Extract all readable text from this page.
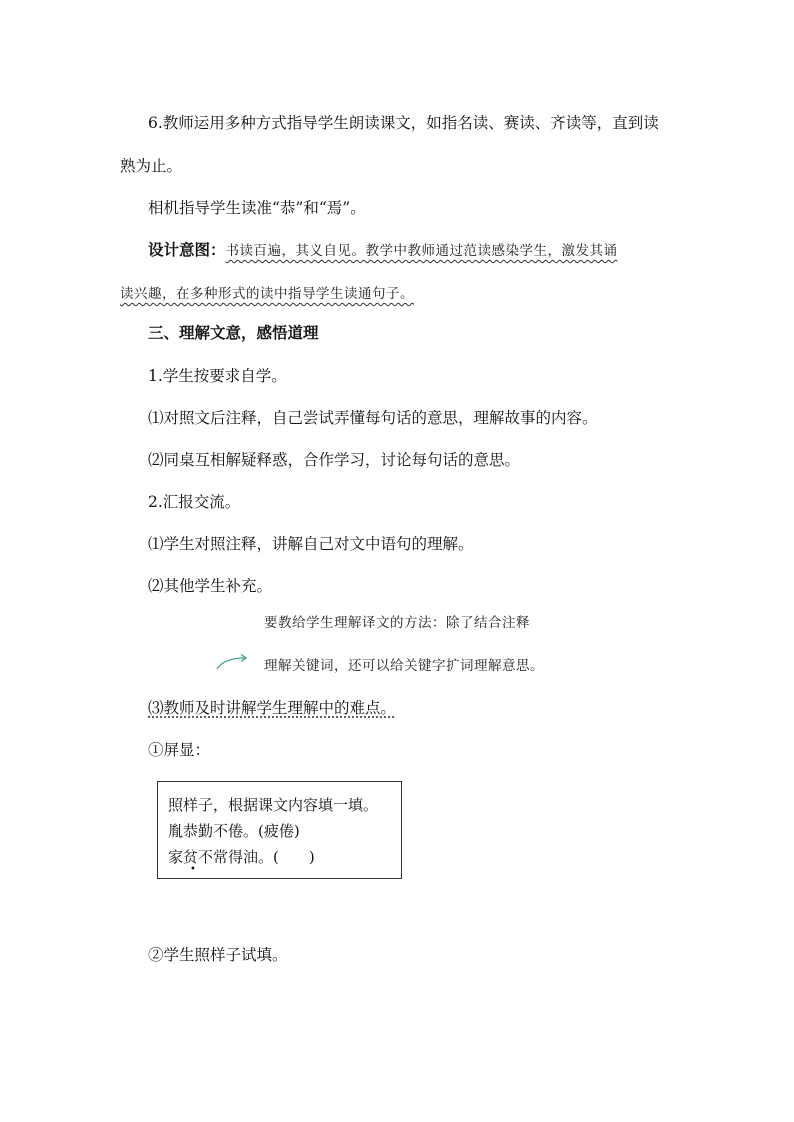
6.教师运用多种方式指导学生朗读课文，如指名读、赛读、齐读等，直到读

熟为止。

相机指导学生读准“恭”和“焉”。

设计意图：书读百遍，其义自见。教学中教师通过范读感染学生，激发其诵

读兴趣，在多种形式的读中指导学生读通句子。

三、理解文意，感悟道理

1.学生按要求自学。

⑴对照文后注释，自己尝试弄懂每句话的意思，理解故事的内容。

⑵同桌互相解疑释惑，合作学习，讨论每句话的意思。

2.汇报交流。

⑴学生对照注释，讲解自己对文中语句的理解。

⑵其他学生补充。

要教给学生理解译文的方法：除了结合注释

理解关键词，还可以给关键字扩词理解意思。

⑶教师及时讲解学生理解中的难点。

①屏显：

照样子，根据课文内容填一填。

胤恭勤不倦。(疲倦)

家贫不常得油。(　　)

②学生照样子试填。
